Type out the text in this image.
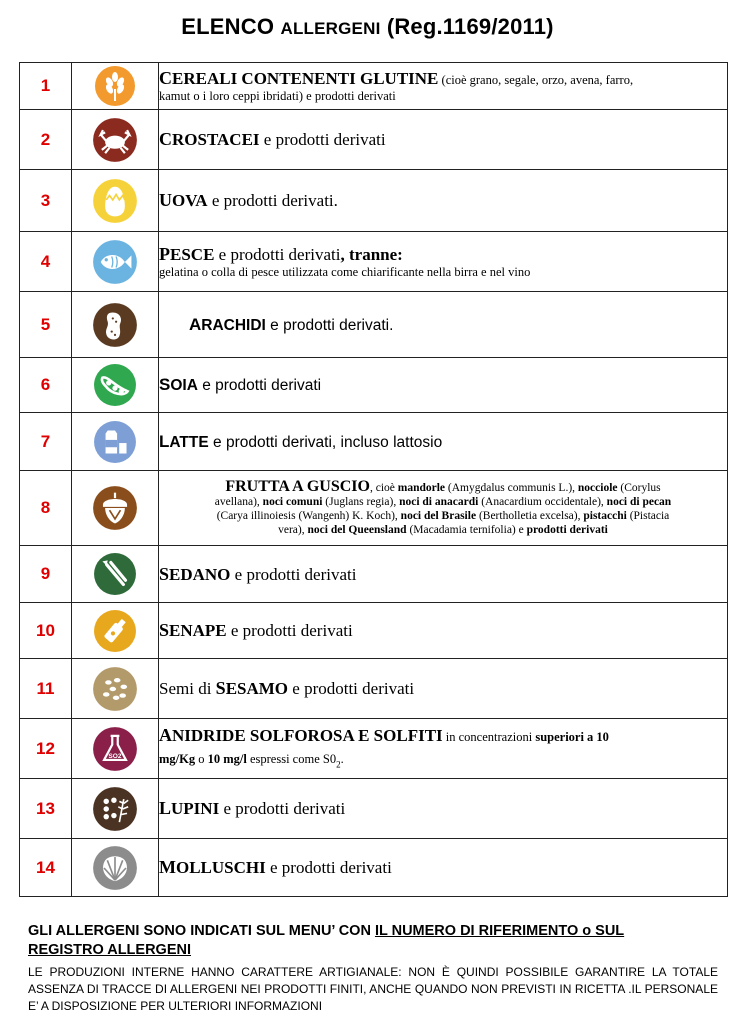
ELENCO ALLERGENI (Reg.1169/2011)
1		CEREALI CONTENENTI GLUTINE (cioè grano, segale, orzo, avena, farro,
kamut o i loro ceppi ibridati) e prodotti derivati

2		CROSTACEI e prodotti derivati

3		UOVA e prodotti derivati.

4		PESCE e prodotti derivati, tranne:
gelatina o colla di pesce utilizzata come chiarificante nella birra e nel vino

5		ARACHIDI e prodotti derivati.

6		SOIA e prodotti derivati

7		LATTE e prodotti derivati, incluso lattosio

8		FRUTTA A GUSCIO, cioè mandorle (Amygdalus communis L.), nocciole (Corylus
avellana), noci comuni (Juglans regia), noci di anacardi (Anacardium occidentale), noci di pecan
(Carya illinoiesis (Wangenh) K. Koch), noci del Brasile (Bertholletia excelsa), pistacchi (Pistacia
vera), noci del Queensland (Macadamia ternifolia) e prodotti derivati

9		SEDANO e prodotti derivati

10		SENAPE e prodotti derivati

11		Semi di SESAMO e prodotti derivati

12	SO2	ANIDRIDE SOLFOROSA E SOLFITI in concentrazioni superiori a 10
mg/Kg o 10 mg/l espressi come $S0_2$.

13		LUPINI e prodotti derivati

14		MOLLUSCHI e prodotti derivati
GLI ALLERGENI SONO INDICATI SUL MENU’ CON IL NUMERO DI RIFERIMENTO o SUL
REGISTRO ALLERGENI
LE PRODUZIONI INTERNE HANNO CARATTERE ARTIGIANALE: NON È QUINDI POSSIBILE GARANTIRE LA TOTALE ASSENZA DI TRACCE DI ALLERGENI NEI PRODOTTI FINITI, ANCHE QUANDO NON PREVISTI IN RICETTA .IL PERSONALE E’ A DISPOSIZIONE PER ULTERIORI INFORMAZIONI
